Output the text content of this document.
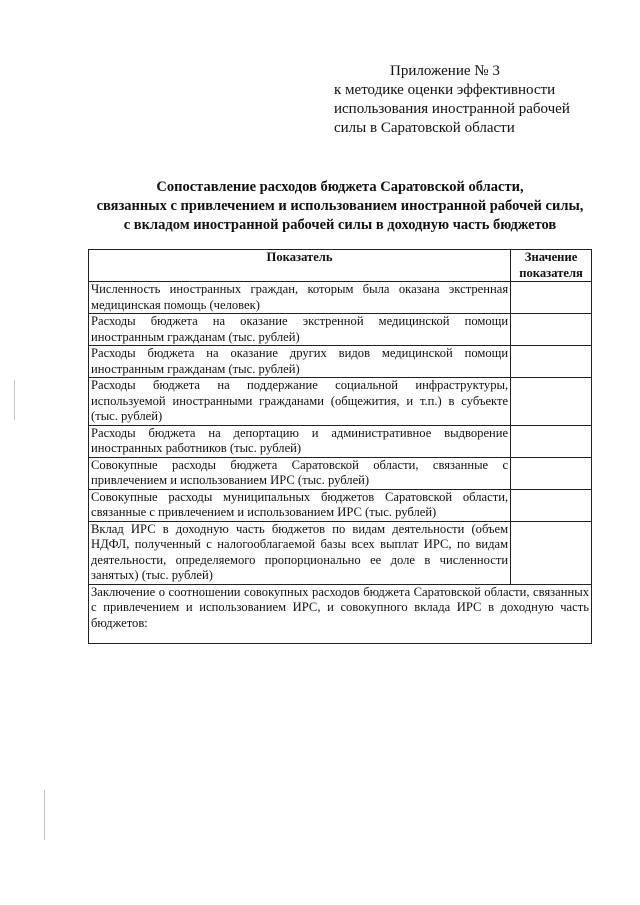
Приложение № 3
к методике оценки эффективности
использования иностранной рабочей
силы в Саратовской области
Сопоставление расходов бюджета Саратовской области,
связанных с привлечением и использованием иностранной рабочей силы,
с вкладом иностранной рабочей силы в доходную часть бюджетов
Показатель	Значение
показателя

Численность иностранных граждан, которым была оказана экстренная медицинская помощь (человек)	
Расходы бюджета на оказание экстренной медицинской помощи иностранным гражданам (тыс. рублей)	
Расходы бюджета на оказание других видов медицинской помощи иностранным гражданам (тыс. рублей)	
Расходы бюджета на поддержание социальной инфраструктуры, используемой иностранными гражданами (общежития, и т.п.) в субъекте (тыс. рублей)	
Расходы бюджета на депортацию и административное выдворение иностранных работников (тыс. рублей)	
Совокупные расходы бюджета Саратовской области, связанные с привлечением и использованием ИРС (тыс. рублей)	
Совокупные расходы муниципальных бюджетов Саратовской области, связанные с привлечением и использованием ИРС (тыс. рублей)	
Вклад ИРС в доходную часть бюджетов по видам деятельности (объем НДФЛ, полученный с налогооблагаемой базы всех выплат ИРС, по видам деятельности, определяемого пропорционально ее доле в численности занятых) (тыс. рублей)	
Заключение о соотношении совокупных расходов бюджета Саратовской области, связанных с привлечением и использованием ИРС, и совокупного вклада ИРС в доходную часть бюджетов:	
